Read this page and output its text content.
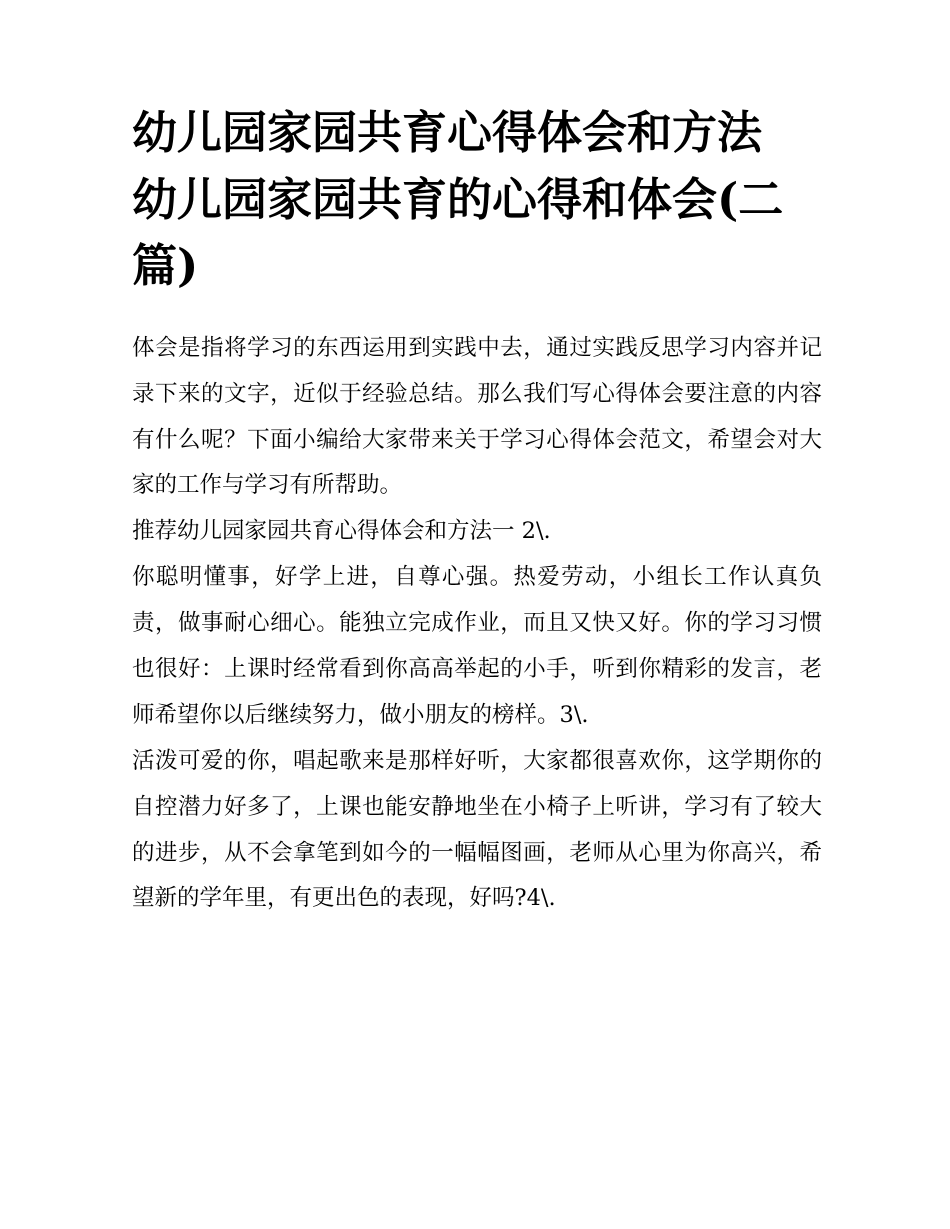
幼儿园家园共育心得体会和方法 幼儿园家园共育的心得和体会(二篇)

体会是指将学习的东西运用到实践中去，通过实践反思学习内容并记录下来的文字，近似于经验总结。那么我们写心得体会要注意的内容有什么呢？下面小编给大家带来关于学习心得体会范文，希望会对大家的工作与学习有所帮助。

推荐幼儿园家园共育心得体会和方法一 2\.

你聪明懂事，好学上进，自尊心强。热爱劳动，小组长工作认真负责，做事耐心细心。能独立完成作业，而且又快又好。你的学习习惯也很好：上课时经常看到你高高举起的小手，听到你精彩的发言，老师希望你以后继续努力，做小朋友的榜样。3\.

活泼可爱的你，唱起歌来是那样好听，大家都很喜欢你，这学期你的自控潜力好多了，上课也能安静地坐在小椅子上听讲，学习有了较大的进步，从不会拿笔到如今的一幅幅图画，老师从心里为你高兴，希望新的学年里，有更出色的表现，好吗?4\.
